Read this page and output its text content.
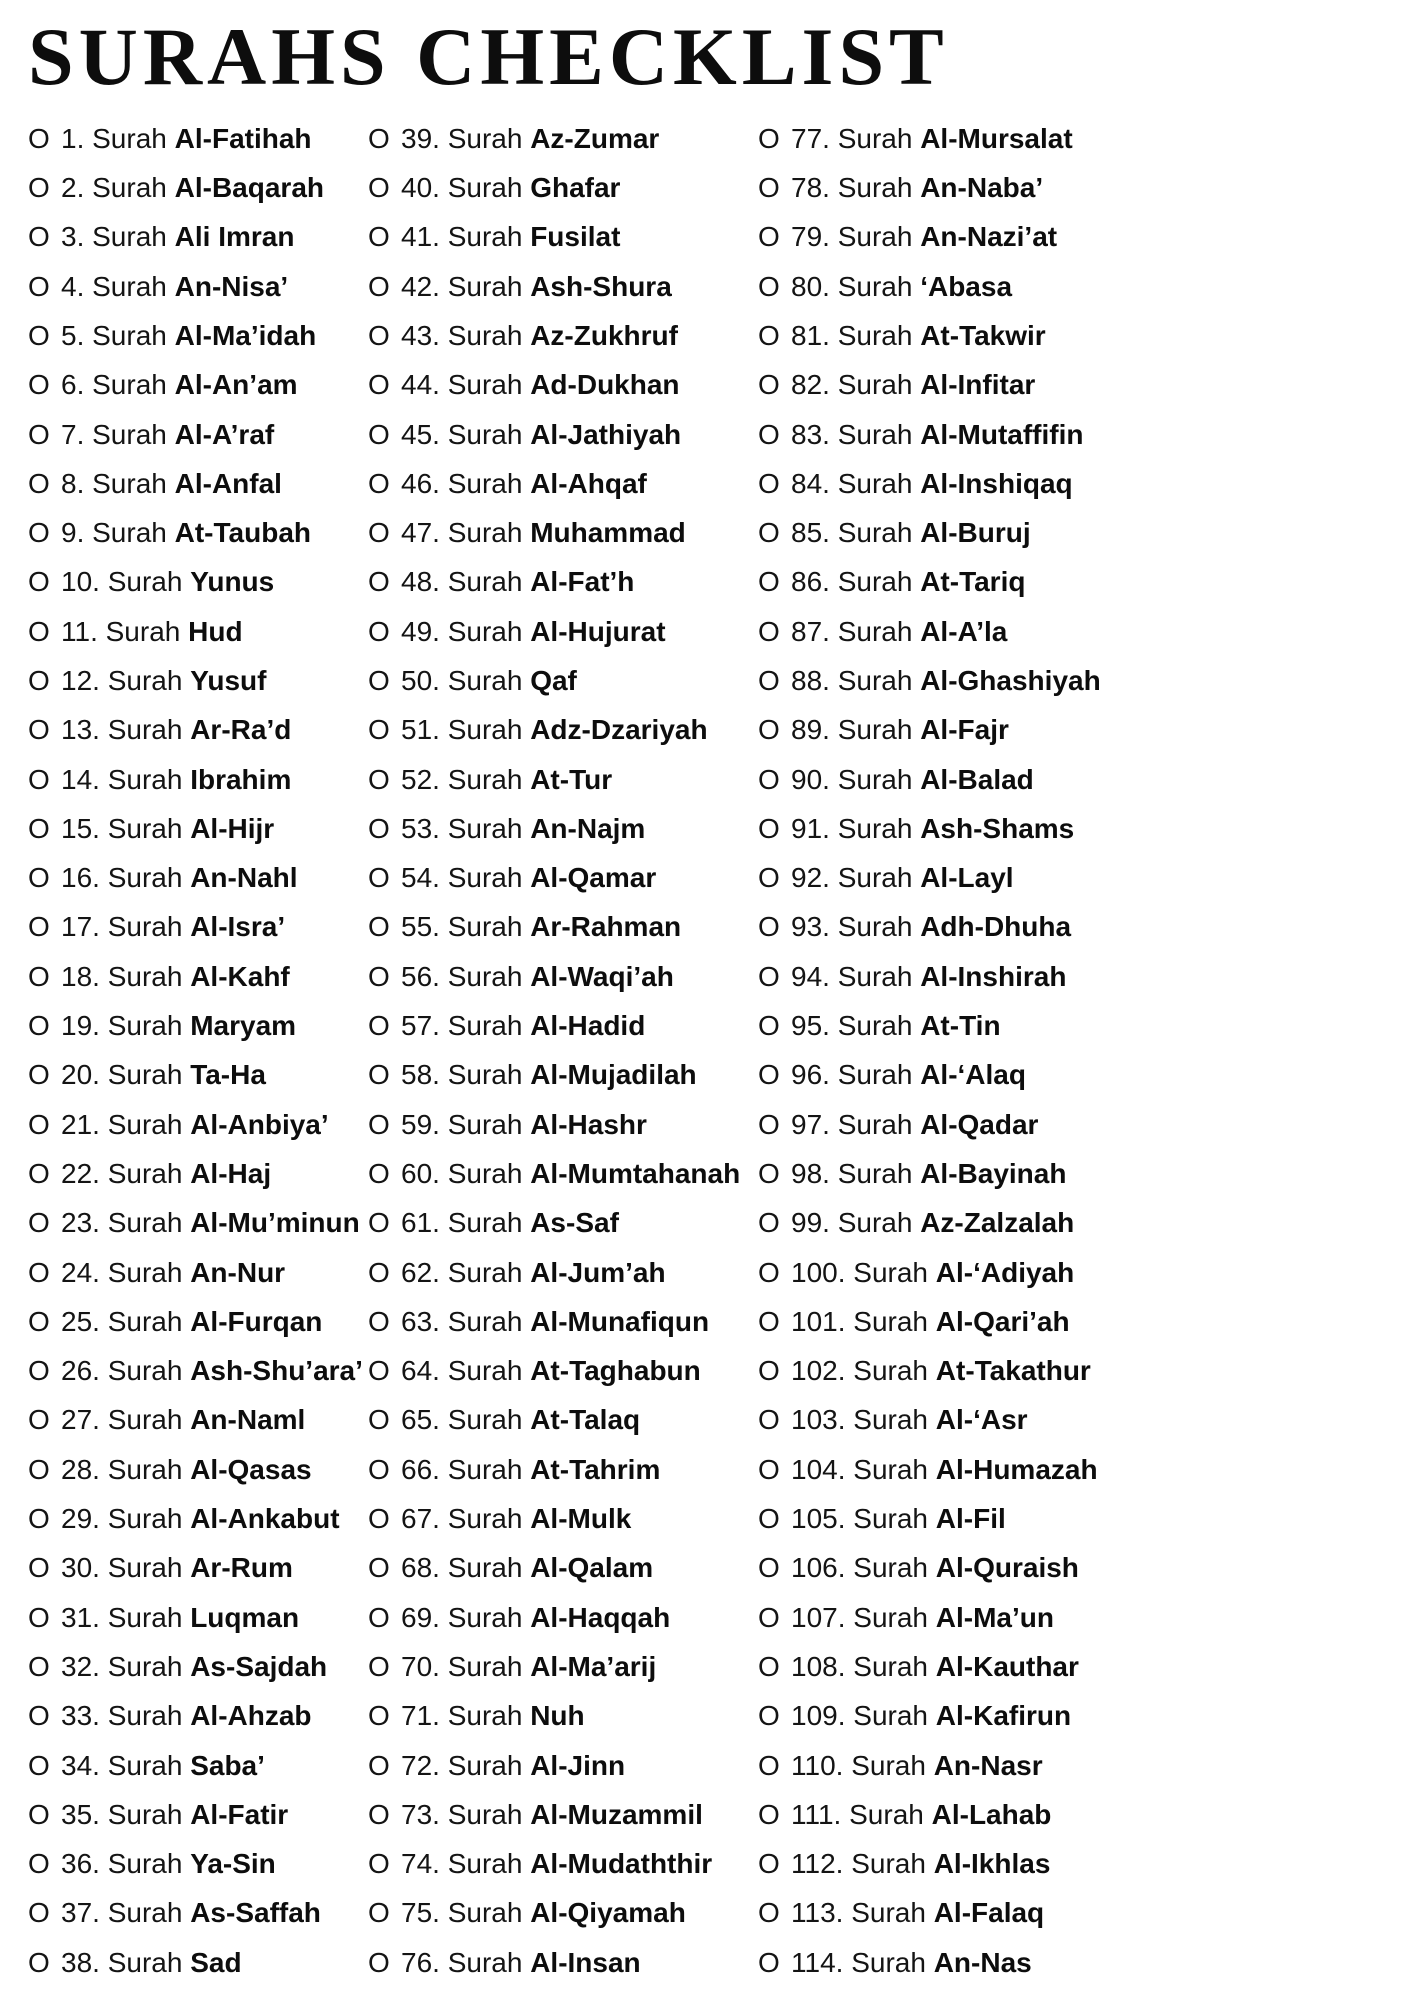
SURAHS CHECKLIST
O 1. Surah Al-Fatihah
O 2. Surah Al-Baqarah
O 3. Surah Ali Imran
O 4. Surah An-Nisa’
O 5. Surah Al-Ma’idah
O 6. Surah Al-An’am
O 7. Surah Al-A’raf
O 8. Surah Al-Anfal
O 9. Surah At-Taubah
O 10. Surah Yunus
O 11. Surah Hud
O 12. Surah Yusuf
O 13. Surah Ar-Ra’d
O 14. Surah Ibrahim
O 15. Surah Al-Hijr
O 16. Surah An-Nahl
O 17. Surah Al-Isra’
O 18. Surah Al-Kahf
O 19. Surah Maryam
O 20. Surah Ta-Ha
O 21. Surah Al-Anbiya’
O 22. Surah Al-Haj
O 23. Surah Al-Mu’minun
O 24. Surah An-Nur
O 25. Surah Al-Furqan
O 26. Surah Ash-Shu’ara’
O 27. Surah An-Naml
O 28. Surah Al-Qasas
O 29. Surah Al-Ankabut
O 30. Surah Ar-Rum
O 31. Surah Luqman
O 32. Surah As-Sajdah
O 33. Surah Al-Ahzab
O 34. Surah Saba’
O 35. Surah Al-Fatir
O 36. Surah Ya-Sin
O 37. Surah As-Saffah
O 38. Surah Sad
O 39. Surah Az-Zumar
O 40. Surah Ghafar
O 41. Surah Fusilat
O 42. Surah Ash-Shura
O 43. Surah Az-Zukhruf
O 44. Surah Ad-Dukhan
O 45. Surah Al-Jathiyah
O 46. Surah Al-Ahqaf
O 47. Surah Muhammad
O 48. Surah Al-Fat’h
O 49. Surah Al-Hujurat
O 50. Surah Qaf
O 51. Surah Adz-Dzariyah
O 52. Surah At-Tur
O 53. Surah An-Najm
O 54. Surah Al-Qamar
O 55. Surah Ar-Rahman
O 56. Surah Al-Waqi’ah
O 57. Surah Al-Hadid
O 58. Surah Al-Mujadilah
O 59. Surah Al-Hashr
O 60. Surah Al-Mumtahanah
O 61. Surah As-Saf
O 62. Surah Al-Jum’ah
O 63. Surah Al-Munafiqun
O 64. Surah At-Taghabun
O 65. Surah At-Talaq
O 66. Surah At-Tahrim
O 67. Surah Al-Mulk
O 68. Surah Al-Qalam
O 69. Surah Al-Haqqah
O 70. Surah Al-Ma’arij
O 71. Surah Nuh
O 72. Surah Al-Jinn
O 73. Surah Al-Muzammil
O 74. Surah Al-Mudaththir
O 75. Surah Al-Qiyamah
O 76. Surah Al-Insan
O 77. Surah Al-Mursalat
O 78. Surah An-Naba’
O 79. Surah An-Nazi’at
O 80. Surah ‘Abasa
O 81. Surah At-Takwir
O 82. Surah Al-Infitar
O 83. Surah Al-Mutaffifin
O 84. Surah Al-Inshiqaq
O 85. Surah Al-Buruj
O 86. Surah At-Tariq
O 87. Surah Al-A’la
O 88. Surah Al-Ghashiyah
O 89. Surah Al-Fajr
O 90. Surah Al-Balad
O 91. Surah Ash-Shams
O 92. Surah Al-Layl
O 93. Surah Adh-Dhuha
O 94. Surah Al-Inshirah
O 95. Surah At-Tin
O 96. Surah Al-‘Alaq
O 97. Surah Al-Qadar
O 98. Surah Al-Bayinah
O 99. Surah Az-Zalzalah
O 100. Surah Al-‘Adiyah
O 101. Surah Al-Qari’ah
O 102. Surah At-Takathur
O 103. Surah Al-‘Asr
O 104. Surah Al-Humazah
O 105. Surah Al-Fil
O 106. Surah Al-Quraish
O 107. Surah Al-Ma’un
O 108. Surah Al-Kauthar
O 109. Surah Al-Kafirun
O 110. Surah An-Nasr
O 111. Surah Al-Lahab
O 112. Surah Al-Ikhlas
O 113. Surah Al-Falaq
O 114. Surah An-Nas
